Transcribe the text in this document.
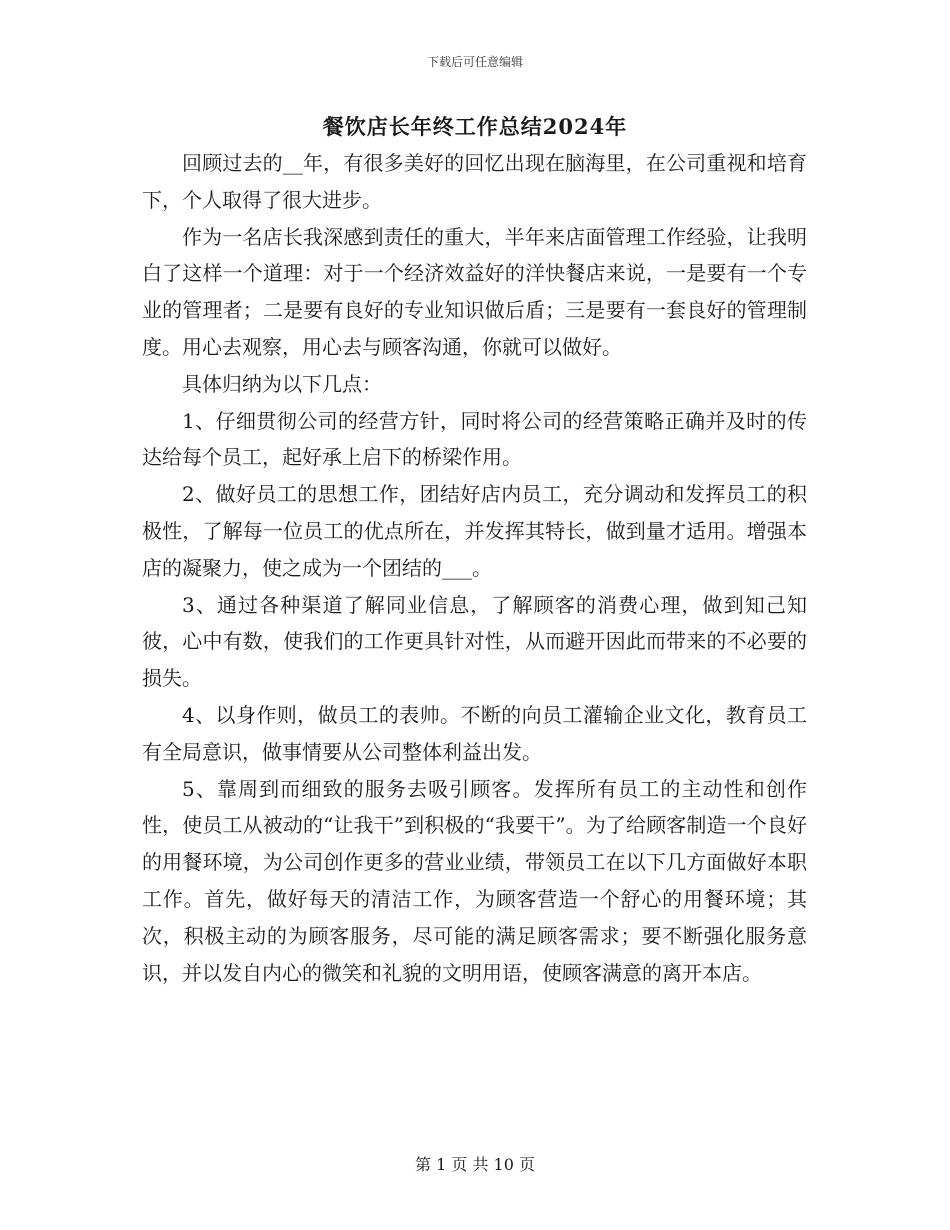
下载后可任意编辑
餐饮店长年终工作总结2024年

回顾过去的__年，有很多美好的回忆出现在脑海里，在公司重视和培育下，个人取得了很大进步。

作为一名店长我深感到责任的重大，半年来店面管理工作经验，让我明白了这样一个道理：对于一个经济效益好的洋快餐店来说，一是要有一个专业的管理者；二是要有良好的专业知识做后盾；三是要有一套良好的管理制度。用心去观察，用心去与顾客沟通，你就可以做好。

具体归纳为以下几点：

1、仔细贯彻公司的经营方针，同时将公司的经营策略正确并及时的传达给每个员工，起好承上启下的桥梁作用。

2、做好员工的思想工作，团结好店内员工，充分调动和发挥员工的积极性，了解每一位员工的优点所在，并发挥其特长，做到量才适用。增强本店的凝聚力，使之成为一个团结的___。

3、通过各种渠道了解同业信息，了解顾客的消费心理，做到知己知彼，心中有数，使我们的工作更具针对性，从而避开因此而带来的不必要的损失。

4、以身作则，做员工的表帅。不断的向员工灌输企业文化，教育员工有全局意识，做事情要从公司整体利益出发。

5、靠周到而细致的服务去吸引顾客。发挥所有员工的主动性和创作性，使员工从被动的“让我干”到积极的“我要干”。为了给顾客制造一个良好的用餐环境，为公司创作更多的营业业绩，带领员工在以下几方面做好本职工作。首先，做好每天的清洁工作，为顾客营造一个舒心的用餐环境；其次，积极主动的为顾客服务，尽可能的满足顾客需求；要不断强化服务意识，并以发自内心的微笑和礼貌的文明用语，使顾客满意的离开本店。

第 1 页 共 10 页
